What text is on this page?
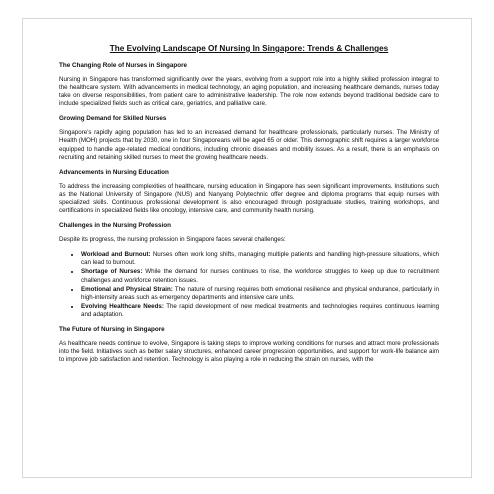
The Evolving Landscape Of Nursing In Singapore: Trends & Challenges
The Changing Role of Nurses in Singapore

Nursing in Singapore has transformed significantly over the years, evolving from a support role into a highly skilled profession integral to the healthcare system. With advancements in medical technology, an aging population, and increasing healthcare demands, nurses today take on diverse responsibilities, from patient care to administrative leadership. The role now extends beyond traditional bedside care to include specialized fields such as critical care, geriatrics, and palliative care.

Growing Demand for Skilled Nurses

Singapore's rapidly aging population has led to an increased demand for healthcare professionals, particularly nurses. The Ministry of Health (MOH) projects that by 2030, one in four Singaporeans will be aged 65 or older. This demographic shift requires a larger workforce equipped to handle age-related medical conditions, including chronic diseases and mobility issues. As a result, there is an emphasis on recruiting and retaining skilled nurses to meet the growing healthcare needs.

Advancements in Nursing Education

To address the increasing complexities of healthcare, nursing education in Singapore has seen significant improvements. Institutions such as the National University of Singapore (NUS) and Nanyang Polytechnic offer degree and diploma programs that equip nurses with specialized skills. Continuous professional development is also encouraged through postgraduate studies, training workshops, and certifications in specialized fields like oncology, intensive care, and community health nursing.

Challenges in the Nursing Profession

Despite its progress, the nursing profession in Singapore faces several challenges:

• Workload and Burnout: Nurses often work long shifts, managing multiple patients and handling high-pressure situations, which can lead to burnout.
• Shortage of Nurses: While the demand for nurses continues to rise, the workforce struggles to keep up due to recruitment challenges and workforce retention issues.
• Emotional and Physical Strain: The nature of nursing requires both emotional resilience and physical endurance, particularly in high-intensity areas such as emergency departments and intensive care units.
• Evolving Healthcare Needs: The rapid development of new medical treatments and technologies requires continuous learning and adaptation.
The Future of Nursing in Singapore

As healthcare needs continue to evolve, Singapore is taking steps to improve working conditions for nurses and attract more professionals into the field. Initiatives such as better salary structures, enhanced career progression opportunities, and support for work-life balance aim to improve job satisfaction and retention. Technology is also playing a role in reducing the strain on nurses, with the
